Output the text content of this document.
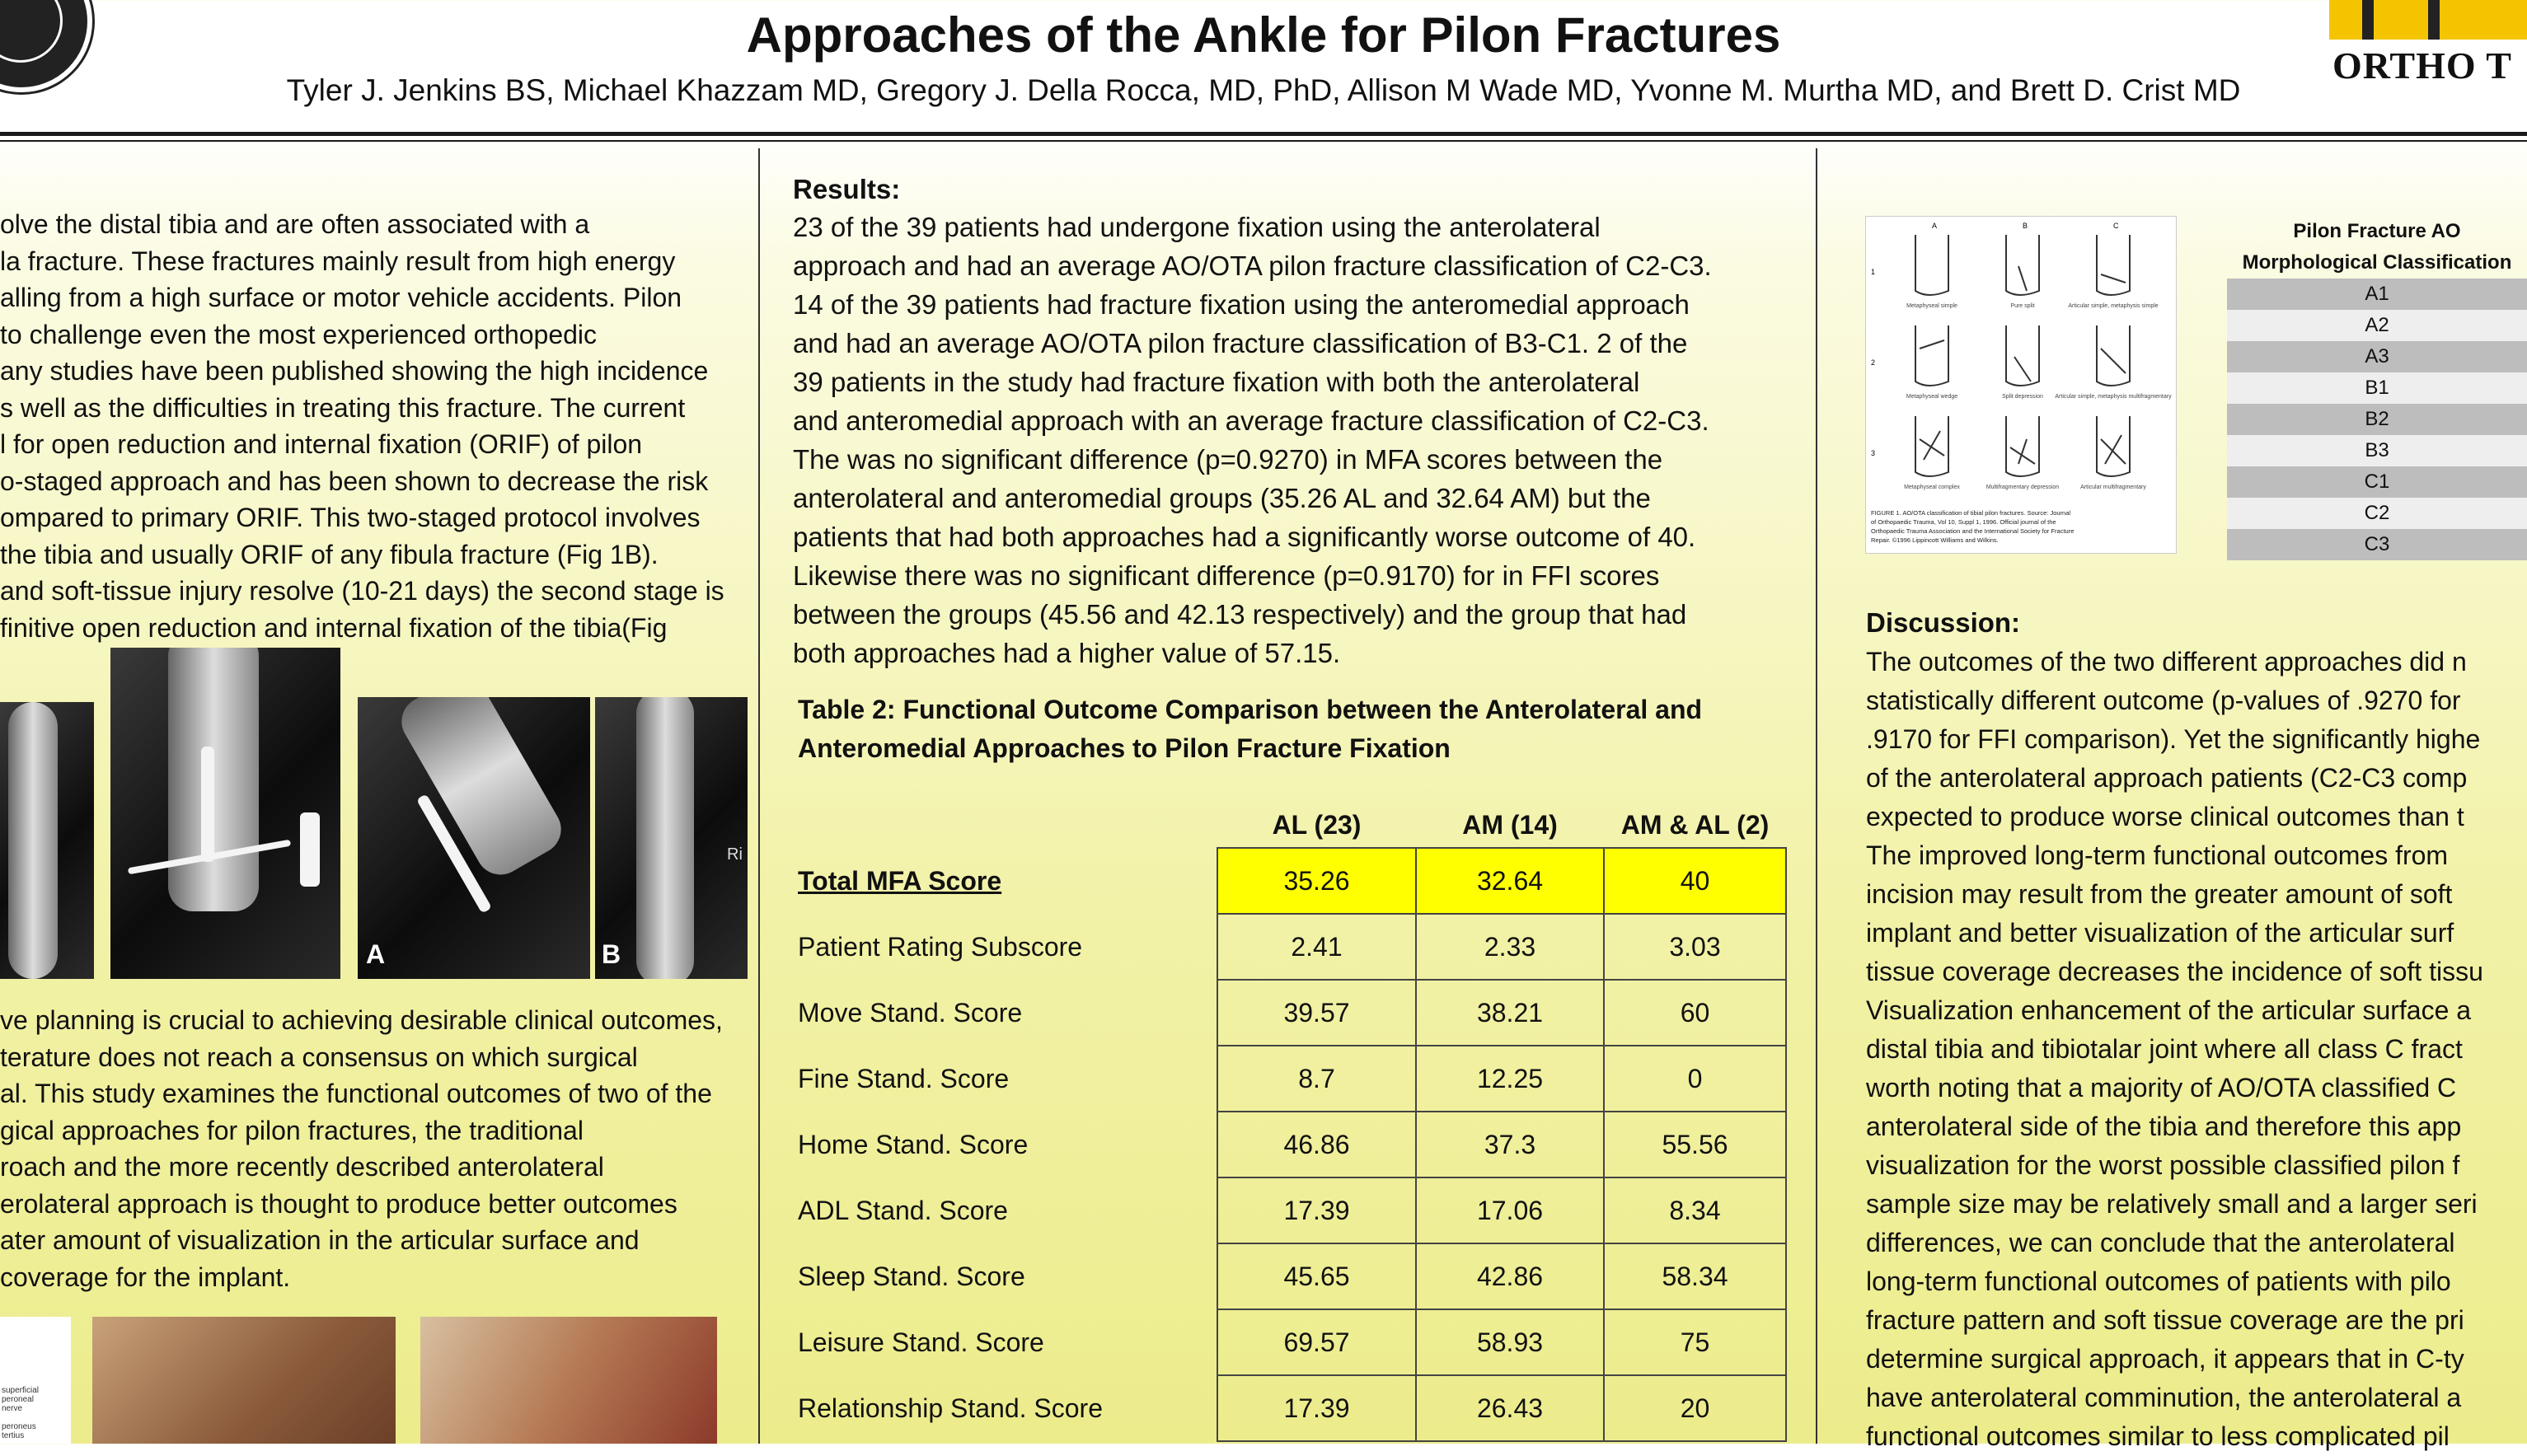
Approaches of the Ankle for Pilon Fractures
Tyler J. Jenkins BS, Michael Khazzam MD, Gregory J. Della Rocca, MD, PhD, Allison M Wade MD, Yvonne M. Murtha MD, and Brett D. Crist MD
ORTHO T
olve the distal tibia and are often associated with a
la fracture. These fractures mainly result from high energy
alling from a high surface or motor vehicle accidents. Pilon
to challenge even the most experienced orthopedic
any studies have been published showing the high incidence
s well as the difficulties in treating this fracture. The current
l for open reduction and internal fixation (ORIF) of pilon
o-staged approach and has been shown to decrease the risk
ompared to primary ORIF. This two-staged protocol involves
the tibia and usually ORIF of any fibula fracture (Fig 1B).
and soft-tissue injury resolve (10-21 days) the second stage is
finitive open reduction and internal fixation of the tibia(Fig
A	B
Ri
ve planning is crucial to achieving desirable clinical outcomes,
terature does not reach a consensus on which surgical
al. This study examines the functional outcomes of two of the
gical approaches for pilon fractures, the traditional
roach and the more recently described anterolateral
erolateral approach is thought to produce better outcomes
ater amount of visualization in the articular surface and
coverage for the implant.
superficial
peroneal
nerve
peroneus
tertius
Results:
23 of the 39 patients had undergone fixation using the anterolateral
approach and had an average AO/OTA pilon fracture classification of C2-C3.
14 of the 39 patients had fracture fixation using the anteromedial approach
and had an average AO/OTA pilon fracture classification of B3-C1. 2 of the
39 patients in the study had fracture fixation with both the anterolateral
and anteromedial approach with an average fracture classification of C2-C3.
The was no significant difference (p=0.9270) in MFA scores between the
anterolateral and anteromedial groups (35.26 AL and 32.64 AM) but the
patients that had both approaches had a significantly worse outcome of 40.
Likewise there was no significant difference (p=0.9170) for in FFI scores
between the groups (45.56 and 42.13 respectively) and the group that had
both approaches had a higher value of 57.15.
Table 2: Functional Outcome Comparison between the Anterolateral and
Anteromedial Approaches to Pilon Fracture Fixation
	AL (23)	AM (14)	AM & AL (2)
Total MFA Score	35.26	32.64	40
Patient Rating Subscore	2.41	2.33	3.03
Move Stand. Score	39.57	38.21	60
Fine Stand. Score	8.7	12.25	0
Home Stand. Score	46.86	37.3	55.56
ADL Stand. Score	17.39	17.06	8.34
Sleep Stand. Score	45.65	42.86	58.34
Leisure Stand. Score	69.57	58.93	75
Relationship Stand. Score	17.39	26.43	20
A	B	C
1
2
3
Metaphyseal simple	Pure split	Articular simple, metaphysis simple
Metaphyseal wedge	Split depression Articular simple, metaphysis multifragmentary
Metaphyseal complex	Multifragmentary depression	Articular multifragmentary
FIGURE 1. AO/OTA classification of tibial pilon fractures. Source: Journal
of Orthopaedic Trauma, Vol 10, Suppl 1, 1996. Official journal of the
Orthopaedic Trauma Association and the International Society for Fracture
Repair. ©1996 Lippincott Williams and Wilkins.
Pilon Fracture AO
Morphological Classification
A1
A2
A3
B1
B2
B3
C1
C2
C3
Discussion:
The outcomes of the two different approaches did n
statistically different outcome (p-values of .9270 for
.9170 for FFI comparison). Yet the significantly highe
of the anterolateral approach patients (C2-C3 comp
expected to produce worse clinical outcomes than t
The improved long-term functional outcomes from
incision may result from the greater amount of soft
implant and better visualization of the articular surf
tissue coverage decreases the incidence of soft tissu
Visualization enhancement of the articular surface a
distal tibia and tibiotalar joint where all class C fract
worth noting that a majority of AO/OTA classified C
anterolateral side of the tibia and therefore this app
visualization for the worst possible classified pilon f
sample size may be relatively small and a larger seri
differences, we can conclude that the anterolateral
long-term functional outcomes of patients with pilo
fracture pattern and soft tissue coverage are the pri
determine surgical approach, it appears that in C-ty
have anterolateral comminution, the anterolateral a
functional outcomes similar to less complicated pil
